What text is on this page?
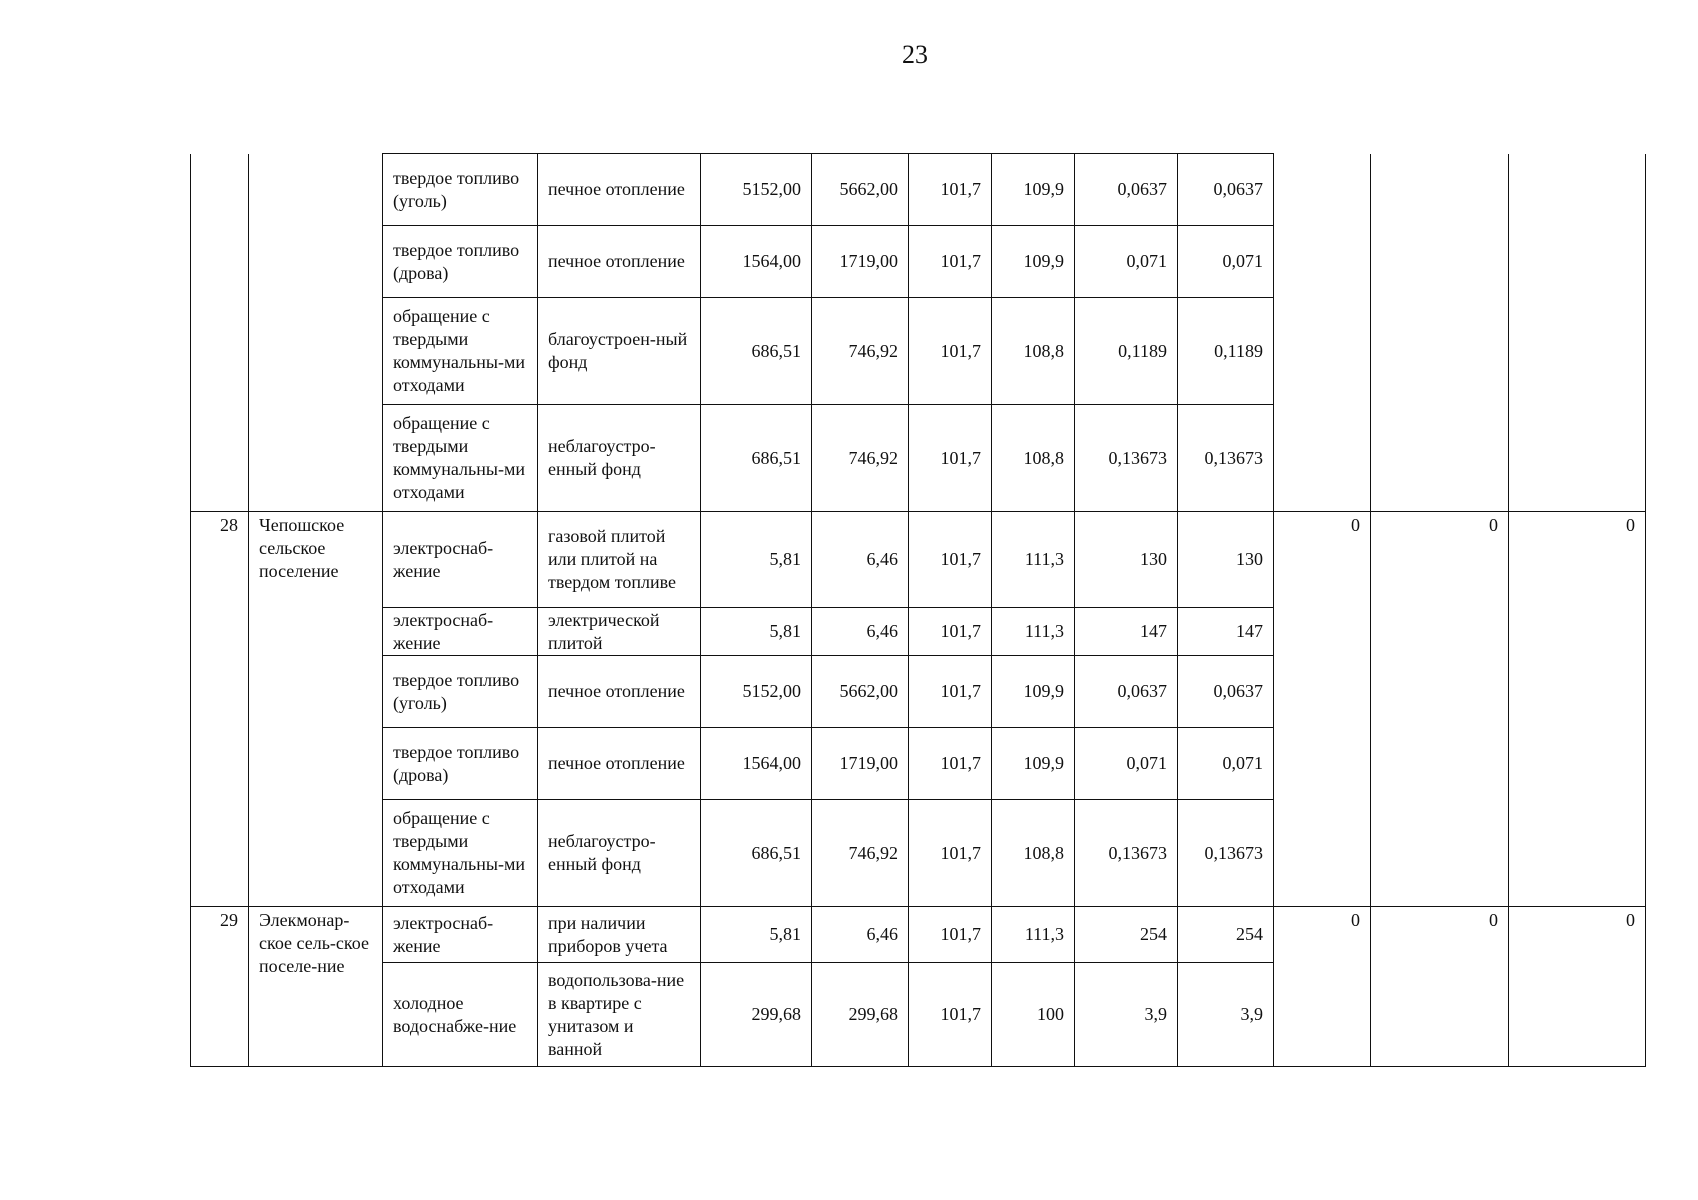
23
		твердое топливо (уголь)	печное отопление	5152,00	5662,00	101,7	109,9	0,0637	0,0637			
		твердое топливо (дрова)	печное отопление	1564,00	1719,00	101,7	109,9	0,071	0,071			
		обращение с твердыми коммунальны-ми отходами	благоустроен-ный фонд	686,51	746,92	101,7	108,8	0,1189	0,1189			
		обращение с твердыми коммунальны-ми отходами	неблагоустро-енный фонд	686,51	746,92	101,7	108,8	0,13673	0,13673			
28	Чепошское сельское поселение	электроснаб-жение	газовой плитой или плитой на твердом топливе	5,81	6,46	101,7	111,3	130	130	0	0	0
		электроснаб-жение	электрической плитой	5,81	6,46	101,7	111,3	147	147			
		твердое топливо (уголь)	печное отопление	5152,00	5662,00	101,7	109,9	0,0637	0,0637			
		твердое топливо (дрова)	печное отопление	1564,00	1719,00	101,7	109,9	0,071	0,071			
		обращение с твердыми коммунальны-ми отходами	неблагоустро-енный фонд	686,51	746,92	101,7	108,8	0,13673	0,13673			
29	Элекмонар-ское сель-ское поселе-ние	электроснаб-жение	при наличии приборов учета	5,81	6,46	101,7	111,3	254	254	0	0	0
		холодное водоснабже-ние	водопользова-ние в квартире с унитазом и ванной	299,68	299,68	101,7	100	3,9	3,9			
